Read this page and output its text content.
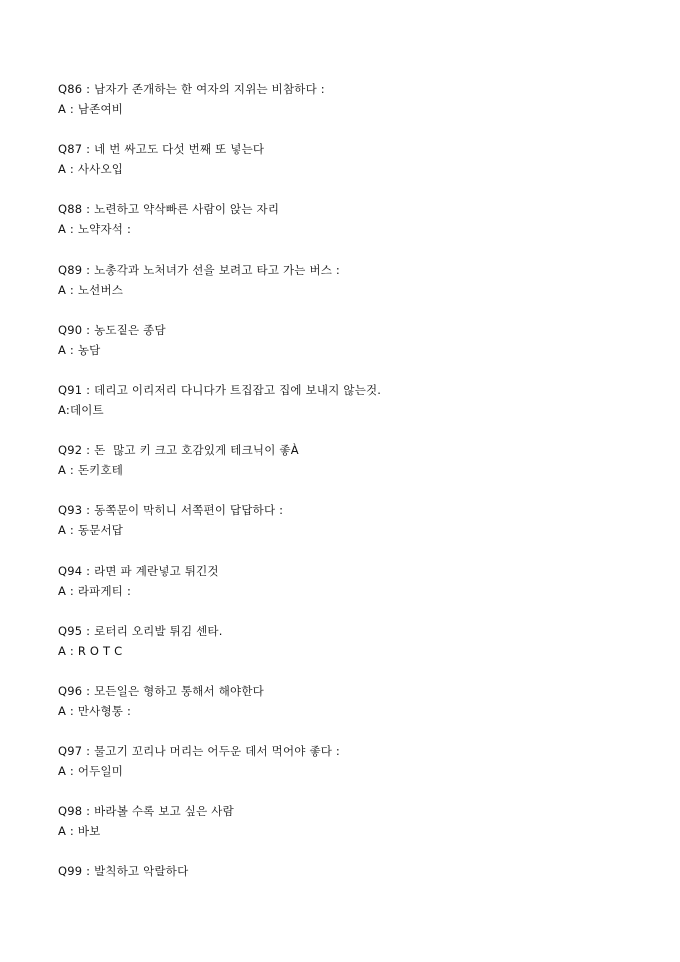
Q86 : 남자가 존개하는 한 여자의 지위는 비참하다 :
A : 남존여비
Q87 : 네 번 싸고도 다섯 번째 또 넣는다
A : 사사오입
Q88 : 노련하고 약삭빠른 사람이 앉는 자리
A : 노약자석 :
Q89 : 노총각과 노처녀가 선을 보려고 타고 가는 버스 :
A : 노선버스
Q90 : 농도짙은 종담
A : 농담
Q91 : 데리고 이리저리 다니다가 트집잡고 집에 보내지 않는것.
A:데이트
Q92 : 돈  많고 키 크고 호감있게 테크닉이 좋À
A : 돈키호테
Q93 : 동쪽문이 막히니 서쪽편이 답답하다 :
A : 동문서답
Q94 : 라면 파 계란넣고 튀긴것
A : 라파게티 :
Q95 : 로터리 오리발 튀김 센타.
A : R O T C
Q96 : 모든일은 형하고 통해서 해야한다
A : 만사형통 :
Q97 : 물고기 꼬리나 머리는 어두운 데서 먹어야 좋다 :
A : 어두일미
Q98 : 바라볼 수록 보고 싶은 사람
A : 바보
Q99 : 발칙하고 악랄하다
